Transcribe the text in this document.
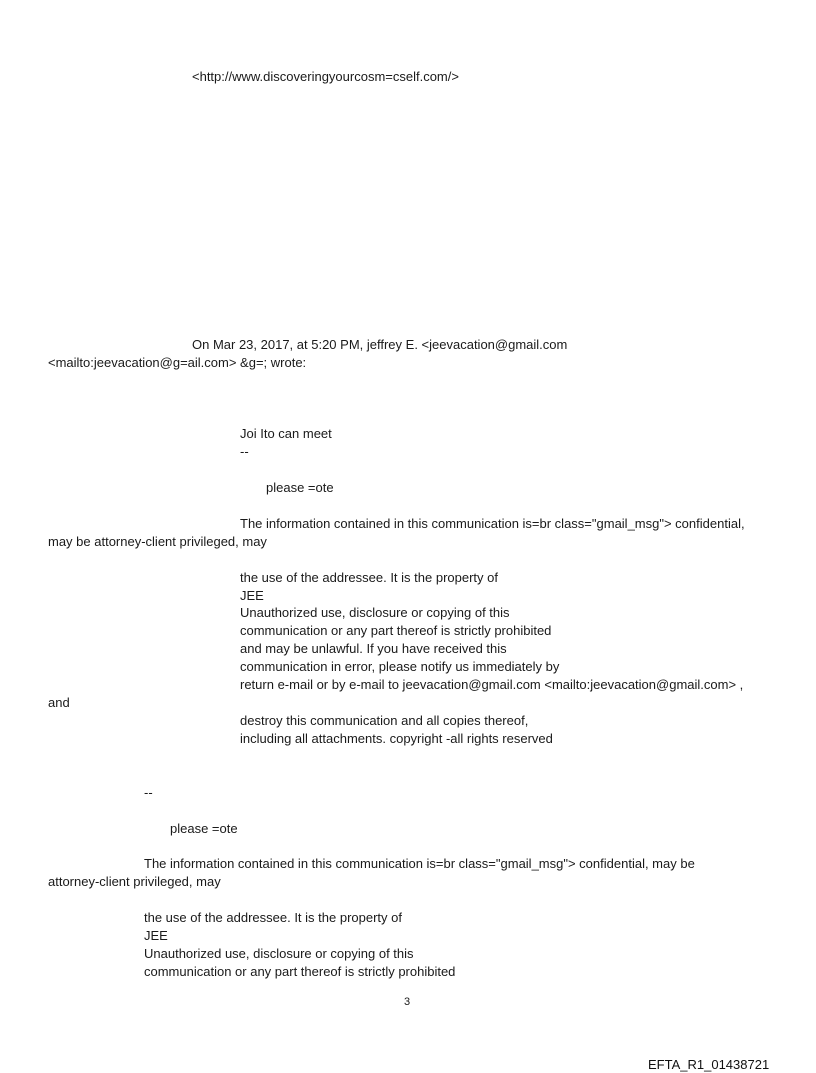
<http://www.discoveringyourcosm=cself.com/>
On Mar 23, 2017, at 5:20 PM, jeffrey E. <jeevacation@gmail.com
<mailto:jeevacation@g=ail.com> &g=; wrote:
Joi Ito can meet
--
please =ote
The information contained in this communication is=br class="gmail_msg"> confidential,
may be attorney-client privileged, may
the use of the addressee. It is the property of
JEE
Unauthorized use, disclosure or copying of this
communication or any part thereof is strictly prohibited
and may be unlawful. If you have received this
communication in error, please notify us immediately by
return e-mail or by e-mail to jeevacation@gmail.com <mailto:jeevacation@gmail.com> ,
and
destroy this communication and all copies thereof,
including all attachments. copyright -all rights reserved
--
please =ote
The information contained in this communication is=br class="gmail_msg"> confidential, may be
attorney-client privileged, may
the use of the addressee. It is the property of
JEE
Unauthorized use, disclosure or copying of this
communication or any part thereof is strictly prohibited
3
EFTA_R1_01438721
